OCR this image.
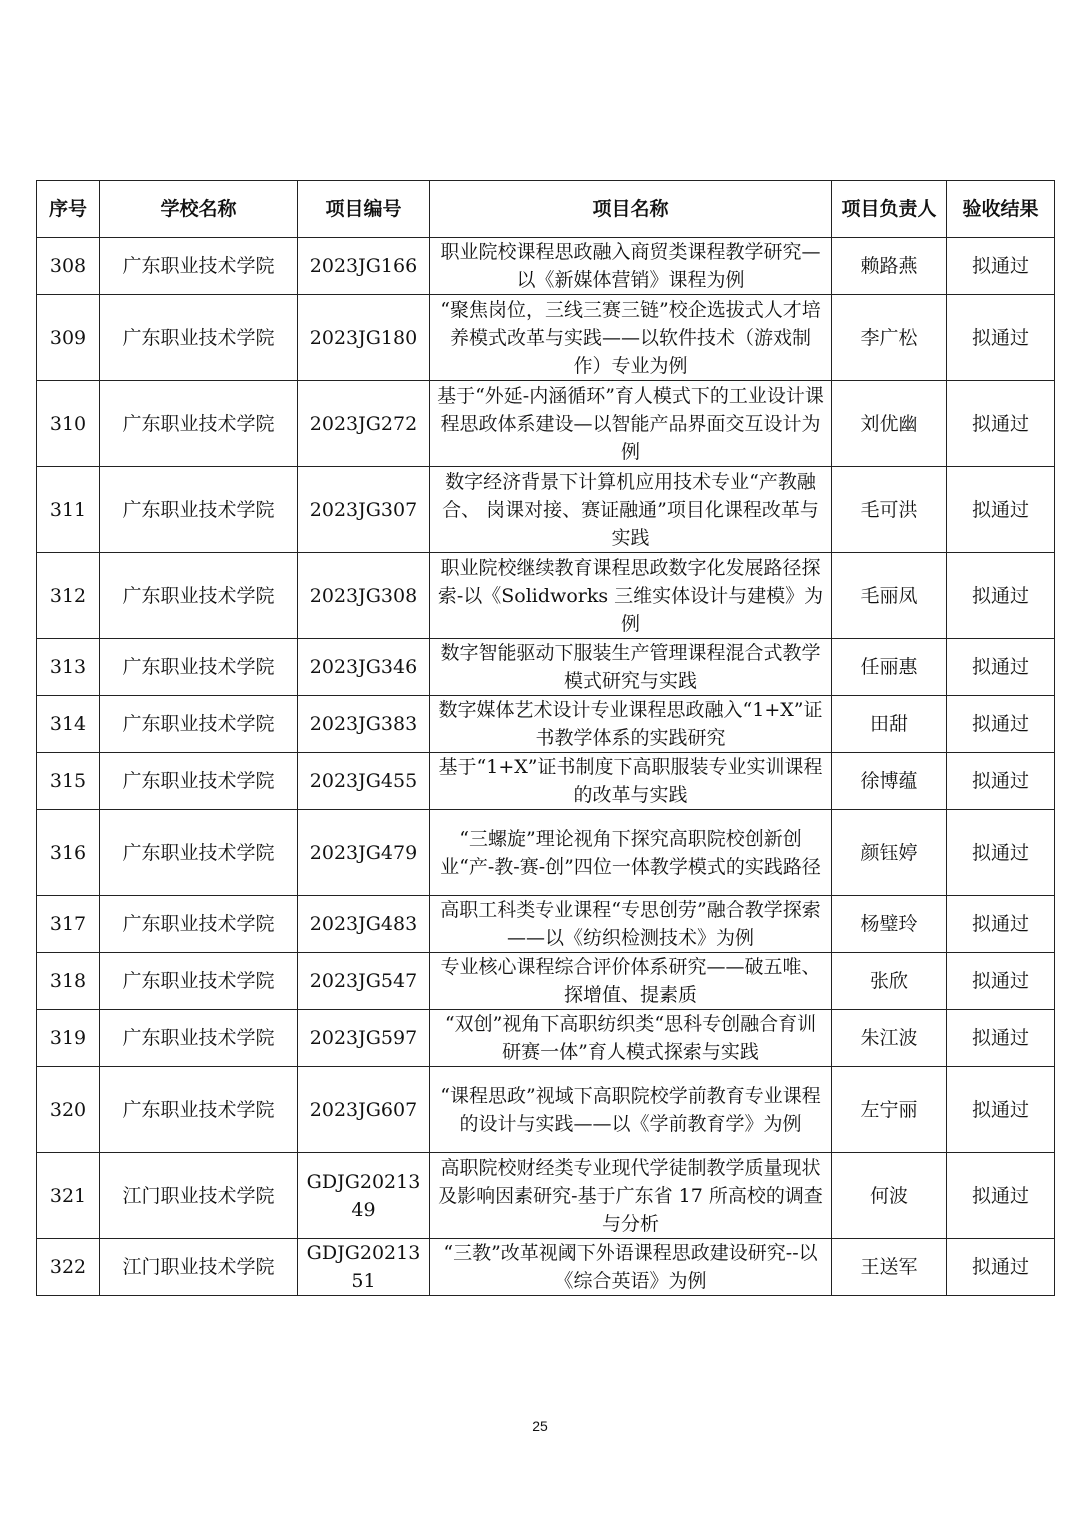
序号	学校名称	项目编号	项目名称	项目负责人	验收结果
308	广东职业技术学院	2023JG166	职业院校课程思政融入商贸类课程教学研究—以《新媒体营销》课程为例	赖路燕	拟通过
309	广东职业技术学院	2023JG180	“聚焦岗位，三线三赛三链”校企选拔式人才培养模式改革与实践——以软件技术（游戏制作）专业为例	李广松	拟通过
310	广东职业技术学院	2023JG272	基于“外延-内涵循环”育人模式下的工业设计课程思政体系建设—以智能产品界面交互设计为例	刘优幽	拟通过
311	广东职业技术学院	2023JG307	数字经济背景下计算机应用技术专业“产教融合、 岗课对接、赛证融通”项目化课程改革与实践	毛可洪	拟通过
312	广东职业技术学院	2023JG308	职业院校继续教育课程思政数字化发展路径探索-以《Solidworks 三维实体设计与建模》为例	毛丽凤	拟通过
313	广东职业技术学院	2023JG346	数字智能驱动下服装生产管理课程混合式教学模式研究与实践	任丽惠	拟通过
314	广东职业技术学院	2023JG383	数字媒体艺术设计专业课程思政融入“1+X”证书教学体系的实践研究	田甜	拟通过
315	广东职业技术学院	2023JG455	基于“1+X”证书制度下高职服装专业实训课程的改革与实践	徐博蕴	拟通过
316	广东职业技术学院	2023JG479	“三螺旋”理论视角下探究高职院校创新创业“产-教-赛-创”四位一体教学模式的实践路径	颜钰婷	拟通过
317	广东职业技术学院	2023JG483	高职工科类专业课程“专思创劳”融合教学探索——以《纺织检测技术》为例	杨璧玲	拟通过
318	广东职业技术学院	2023JG547	专业核心课程综合评价体系研究——破五唯、探增值、提素质	张欣	拟通过
319	广东职业技术学院	2023JG597	“双创”视角下高职纺织类“思科专创融合育训研赛一体”育人模式探索与实践	朱江波	拟通过
320	广东职业技术学院	2023JG607	“课程思政”视域下高职院校学前教育专业课程的设计与实践——以《学前教育学》为例	左宁丽	拟通过
321	江门职业技术学院	GDJG2021349	高职院校财经类专业现代学徒制教学质量现状及影响因素研究-基于广东省 17 所高校的调查与分析	何波	拟通过
322	江门职业技术学院	GDJG2021351	“三教”改革视阈下外语课程思政建设研究--以《综合英语》为例	王送军	拟通过
25
